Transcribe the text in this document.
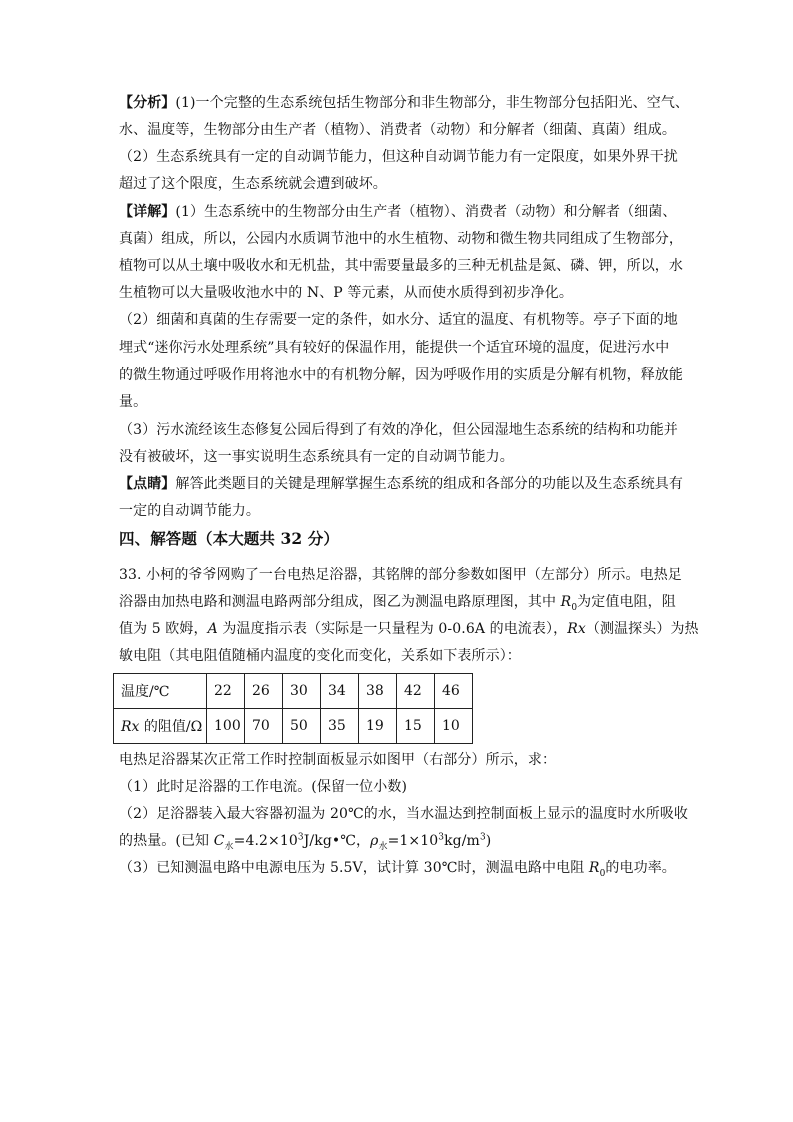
【分析】(1)一个完整的生态系统包括生物部分和非生物部分，非生物部分包括阳光、空气、
水、温度等，生物部分由生产者（植物）、消费者（动物）和分解者（细菌、真菌）组成。
（2）生态系统具有一定的自动调节能力，但这种自动调节能力有一定限度，如果外界干扰
超过了这个限度，生态系统就会遭到破坏。
【详解】(1）生态系统中的生物部分由生产者（植物）、消费者（动物）和分解者（细菌、
真菌）组成，所以，公园内水质调节池中的水生植物、动物和微生物共同组成了生物部分，
植物可以从土壤中吸收水和无机盐，其中需要量最多的三种无机盐是氮、磷、钾，所以，水
生植物可以大量吸收池水中的 N、P 等元素，从而使水质得到初步净化。
（2）细菌和真菌的生存需要一定的条件，如水分、适宜的温度、有机物等。亭子下面的地
埋式“迷你污水处理系统”具有较好的保温作用，能提供一个适宜环境的温度，促进污水中
的微生物通过呼吸作用将池水中的有机物分解，因为呼吸作用的实质是分解有机物，释放能
量。
（3）污水流经该生态修复公园后得到了有效的净化，但公园湿地生态系统的结构和功能并
没有被破坏，这一事实说明生态系统具有一定的自动调节能力。
【点睛】解答此类题目的关键是理解掌握生态系统的组成和各部分的功能以及生态系统具有
一定的自动调节能力。
四、解答题（本大题共 32 分）
33. 小柯的爷爷网购了一台电热足浴器，其铭牌的部分参数如图甲（左部分）所示。电热足
浴器由加热电路和测温电路两部分组成，图乙为测温电路原理图，其中 $R_0$为定值电阻，阻
值为 5 欧姆，A 为温度指示表（实际是一只量程为 0-0.6A 的电流表），Rx（测温探头）为热
敏电阻（其电阻值随桶内温度的变化而变化，关系如下表所示）：
温度/℃	22	26	30	34	38	42	46
Rx 的阻值/Ω	100	70	50	35	19	15	10
电热足浴器某次正常工作时控制面板显示如图甲（右部分）所示，求：
（1）此时足浴器的工作电流。(保留一位小数)
（2）足浴器装入最大容器初温为 20℃的水，当水温达到控制面板上显示的温度时水所吸收
的热量。(已知 $C_水=4.2\times 10^3J/kg•℃$，$\rho_水=1\times 10^3kg/m^3$)
（3）已知测温电路中电源电压为 5.5V，试计算 30℃时，测温电路中电阻 $R_0$的电功率。
